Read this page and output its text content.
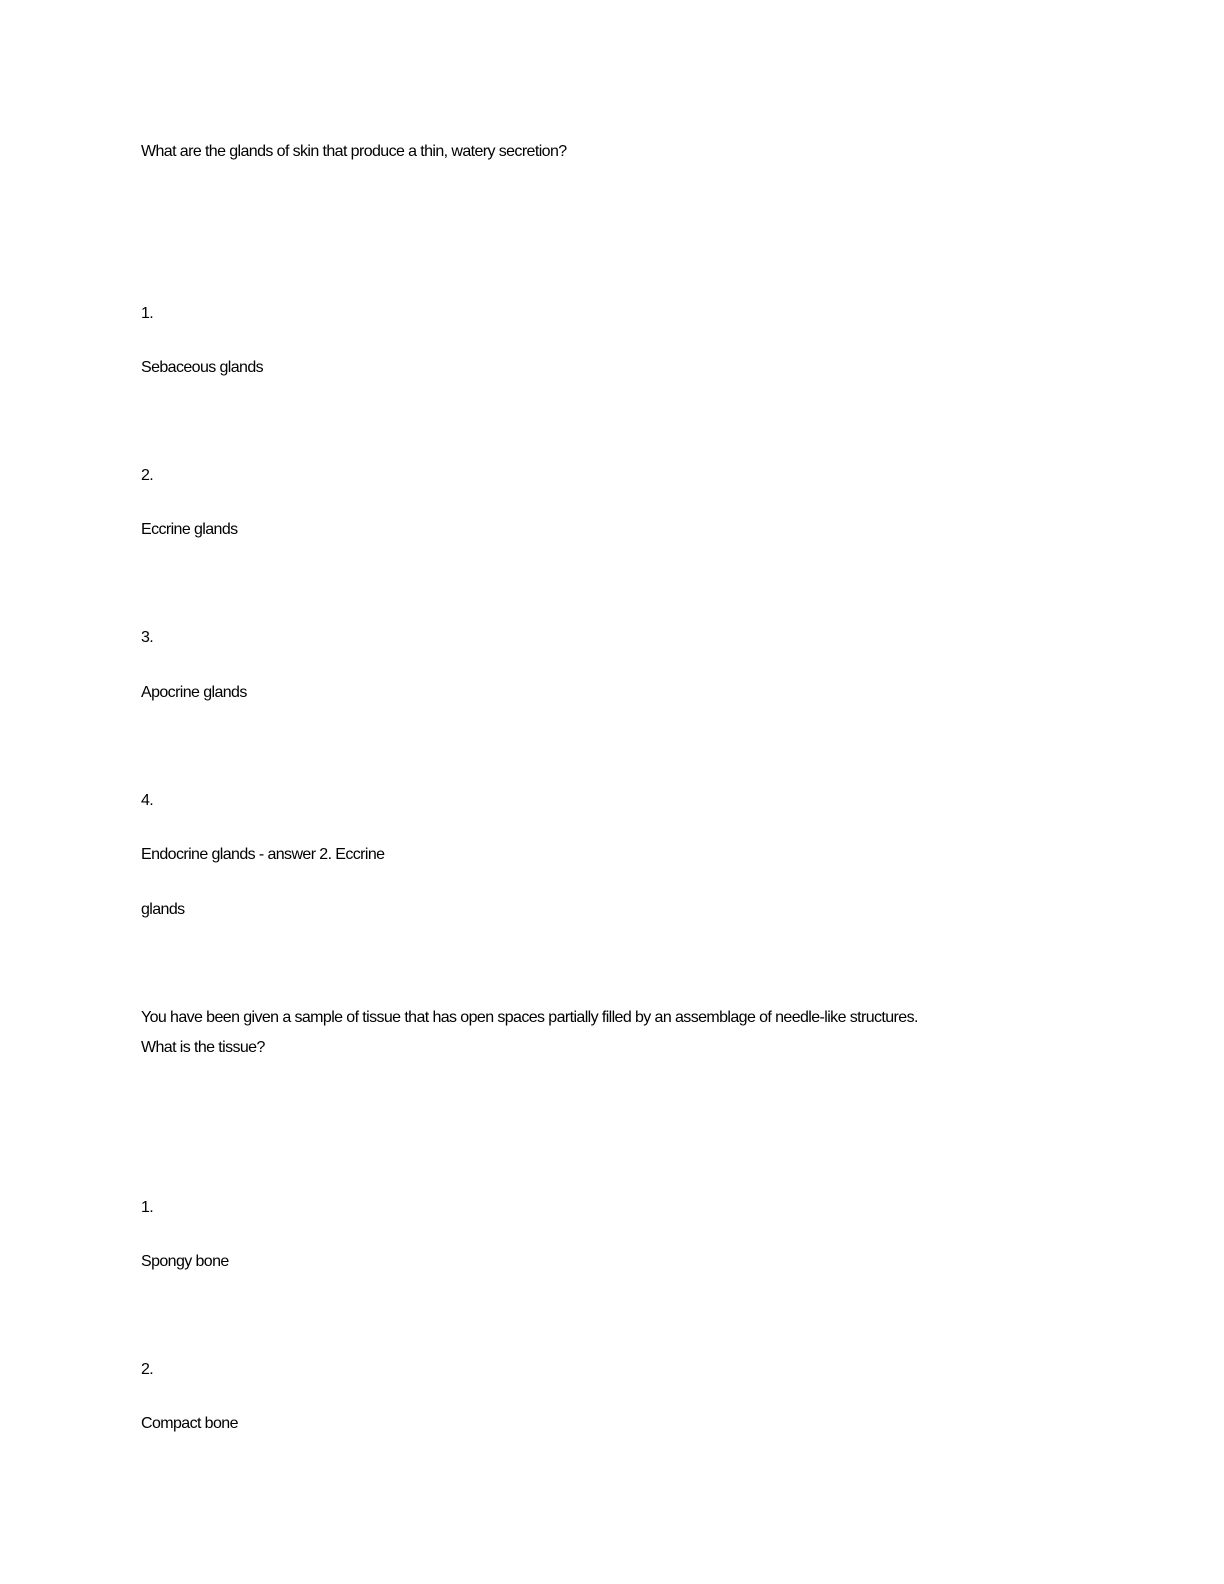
What are the glands of skin that produce a thin, watery secretion?
1.
Sebaceous glands
2.
Eccrine glands
3.
Apocrine glands
4.
Endocrine glands - answer 2. Eccrine
glands
You have been given a sample of tissue that has open spaces partially filled by an assemblage of needle-like structures.
What is the tissue?
1.
Spongy bone
2.
Compact bone
